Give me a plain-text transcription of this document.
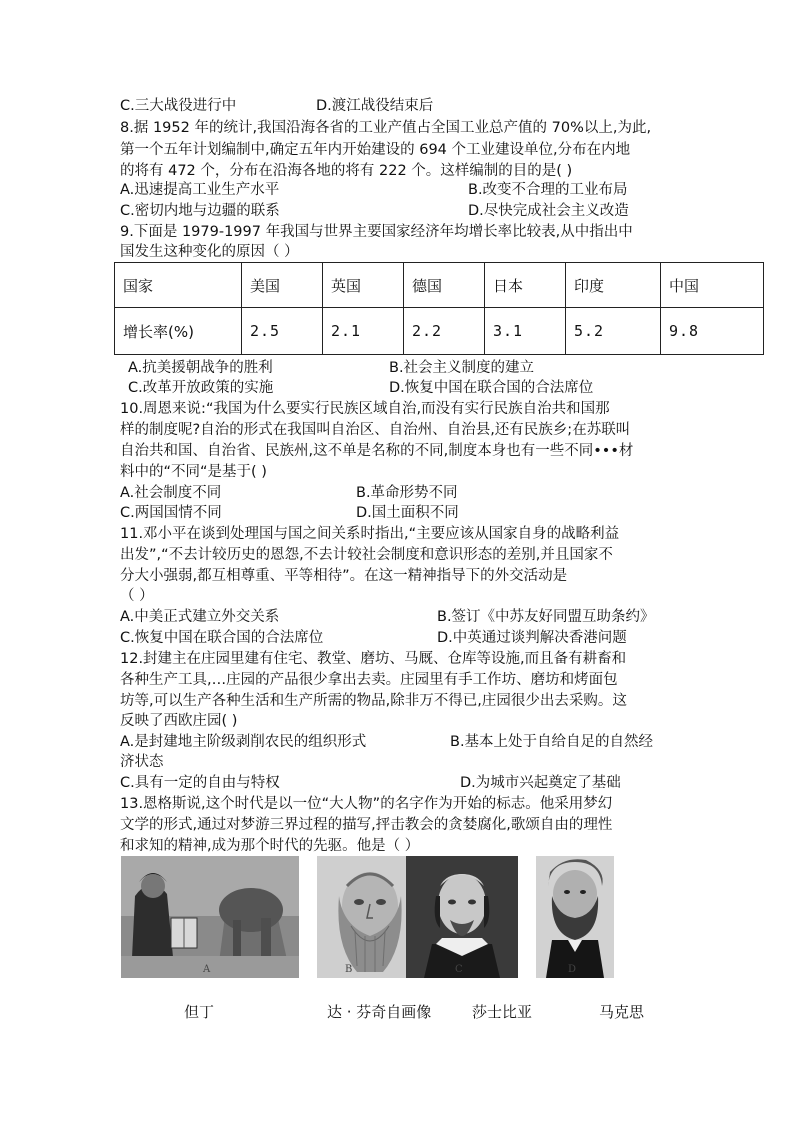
C.三大战役进行中	D.渡江战役结束后
8.据 1952 年的统计,我国沿海各省的工业产值占全国工业总产值的 70%以上,为此,
第一个五年计划编制中,确定五年内开始建设的 694 个工业建设单位,分布在内地
的将有 472 个，分布在沿海各地的将有 222 个。这样编制的目的是( )
A.迅速提高工业生产水平	B.改变不合理的工业布局
C.密切内地与边疆的联系	D.尽快完成社会主义改造
9.下面是 1979-1997 年我国与世界主要国家经济年均增长率比较表,从中指出中
国发生这种变化的原因（ ）
国家	美国	英国	德国	日本	印度	中国
增长率(%)	2.5	2.1	2.2	3.1	5.2	9.8
A.抗美援朝战争的胜利	B.社会主义制度的建立
C.改革开放政策的实施	D.恢复中国在联合国的合法席位
10.周恩来说:“我国为什么要实行民族区域自治,而没有实行民族自治共和国那
样的制度呢?自治的形式在我国叫自治区、自治州、自治县,还有民族乡;在苏联叫
自治共和国、自治省、民族州,这不单是名称的不同,制度本身也有一些不同•••材
料中的“不同“是基于( )
A.社会制度不同	B.革命形势不同
C.两国国情不同	D.国土面积不同
11.邓小平在谈到处理国与国之间关系时指出,“主要应该从国家自身的战略利益
出发”,“不去计较历史的恩怨,不去计较社会制度和意识形态的差别,并且国家不
分大小强弱,都互相尊重、平等相待”。在这一精神指导下的外交活动是
（ ）
A.中美正式建立外交关系	B.签订《中苏友好同盟互助条约》
C.恢复中国在联合国的合法席位	D.中英通过谈判解决香港问题
12.封建主在庄园里建有住宅、教堂、磨坊、马厩、仓库等设施,而且备有耕畜和
各种生产工具,…庄园的产品很少拿出去卖。庄园里有手工作坊、磨坊和烤面包
坊等,可以生产各种生活和生产所需的物品,除非万不得已,庄园很少出去采购。这
反映了西欧庄园( )
A.是封建地主阶级剥削农民的组织形式	B.基本上处于自给自足的自然经
济状态
C.具有一定的自由与特权	D.为城市兴起奠定了基础
13.恩格斯说,这个时代是以一位“大人物”的名字作为开始的标志。他采用梦幻
文学的形式,通过对梦游三界过程的描写,抨击教会的贪婪腐化,歌颂自由的理性
和求知的精神,成为那个时代的先驱。他是（ ）
A	B	C	D
但丁	达 · 芬奇自画像	莎士比亚	马克思
